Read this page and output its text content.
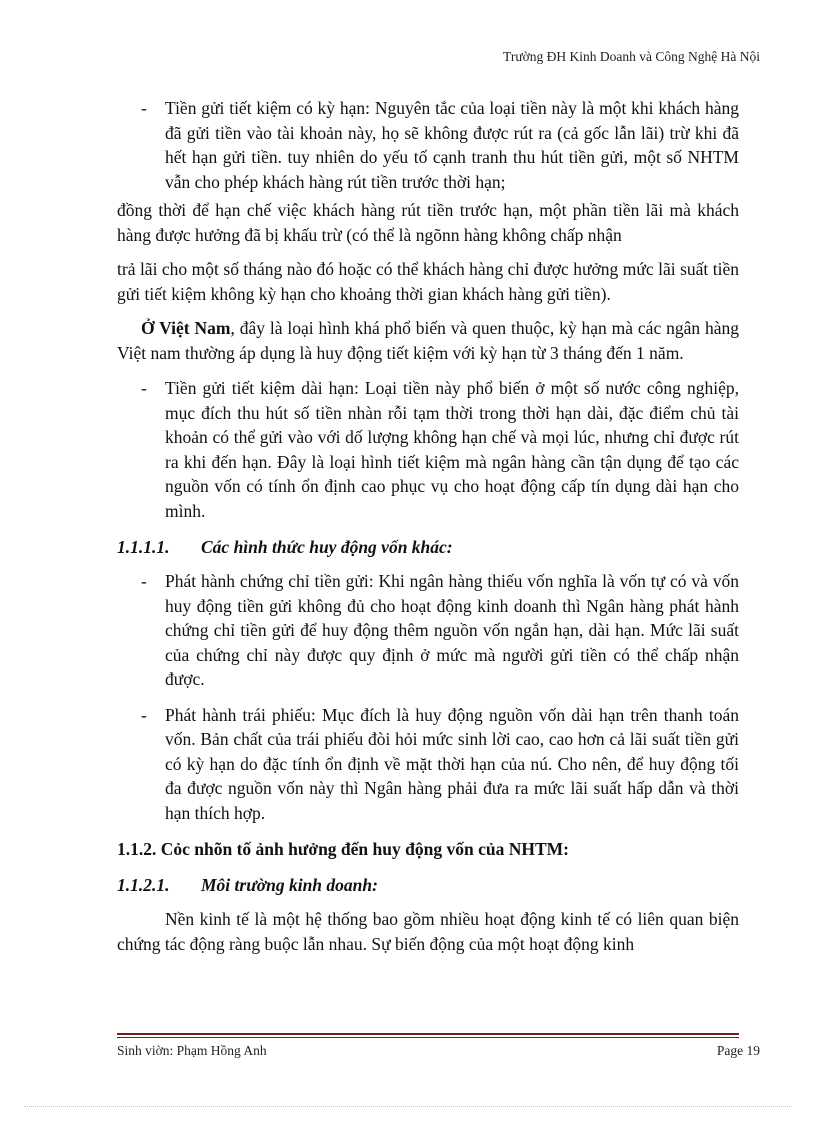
Trường ĐH Kinh Doanh và Công Nghệ Hà Nội

- Tiền gửi tiết kiệm có kỳ hạn: Nguyên tắc của loại tiền này là một khi khách hàng đã gửi tiền vào tài khoản này, họ sẽ không được rút ra (cả gốc lẫn lãi) trừ khi đã hết hạn gửi tiền. tuy nhiên do yếu tố cạnh tranh thu hút tiền gửi, một số NHTM vẫn cho phép khách hàng rút tiền trước thời hạn;

đồng thời để hạn chế việc khách hàng rút tiền trước hạn, một phần tiền lãi mà khách hàng được hưởng đã bị khấu trừ (có thể là ngõnn hàng không chấp nhận

trả lãi cho một số tháng nào đó hoặc có thể khách hàng chỉ được hưởng mức lãi suất tiền gửi tiết kiệm không kỳ hạn cho khoảng thời gian khách hàng gửi tiền).

Ở Việt Nam, đây là loại hình khá phổ biến và quen thuộc, kỳ hạn mà các ngân hàng Việt nam thường áp dụng là huy động tiết kiệm với kỳ hạn từ 3 tháng đến 1 năm.

- Tiền gửi tiết kiệm dài hạn: Loại tiền này phổ biến ở một số nước công nghiệp, mục đích thu hút số tiền nhàn rỗi tạm thời trong thời hạn dài, đặc điểm chủ tài khoản có thể gửi vào với dố lượng không hạn chế và mọi lúc, nhưng chỉ được rút ra khi đến hạn. Đây là loại hình tiết kiệm mà ngân hàng cần tận dụng để tạo các nguồn vốn có tính ổn định cao phục vụ cho hoạt động cấp tín dụng dài hạn cho mình.

1.1.1.1. Các hình thức huy động vốn khác:

- Phát hành chứng chỉ tiền gửi: Khi ngân hàng thiếu vốn nghĩa là vốn tự có và vốn huy động tiền gửi không đủ cho hoạt động kinh doanh thì Ngân hàng phát hành chứng chỉ tiền gửi để huy động thêm nguồn vốn ngắn hạn, dài hạn. Mức lãi suất của chứng chỉ này được quy định ở mức mà người gửi tiền có thể chấp nhận được.

- Phát hành trái phiếu: Mục đích là huy động nguồn vốn dài hạn trên thanh toán vốn. Bản chất của trái phiếu đòi hỏi mức sinh lời cao, cao hơn cả lãi suất tiền gửi có kỳ hạn do đặc tính ổn định về mặt thời hạn của nú. Cho nên, để huy động tối đa được nguồn vốn này thì Ngân hàng phải đưa ra mức lãi suất hấp dẫn và thời hạn thích hợp.

1.1.2. Cỏc nhõn tố ảnh hưởng đến huy động vốn của NHTM:
1.1.2.1. Môi trường kinh doanh:

Nền kinh tế là một hệ thống bao gồm nhiều hoạt động kinh tế có liên quan biện chứng tác động ràng buộc lẫn nhau. Sự biến động của một hoạt động kinh

Sinh viờn: Phạm Hồng Anh	Page 19
